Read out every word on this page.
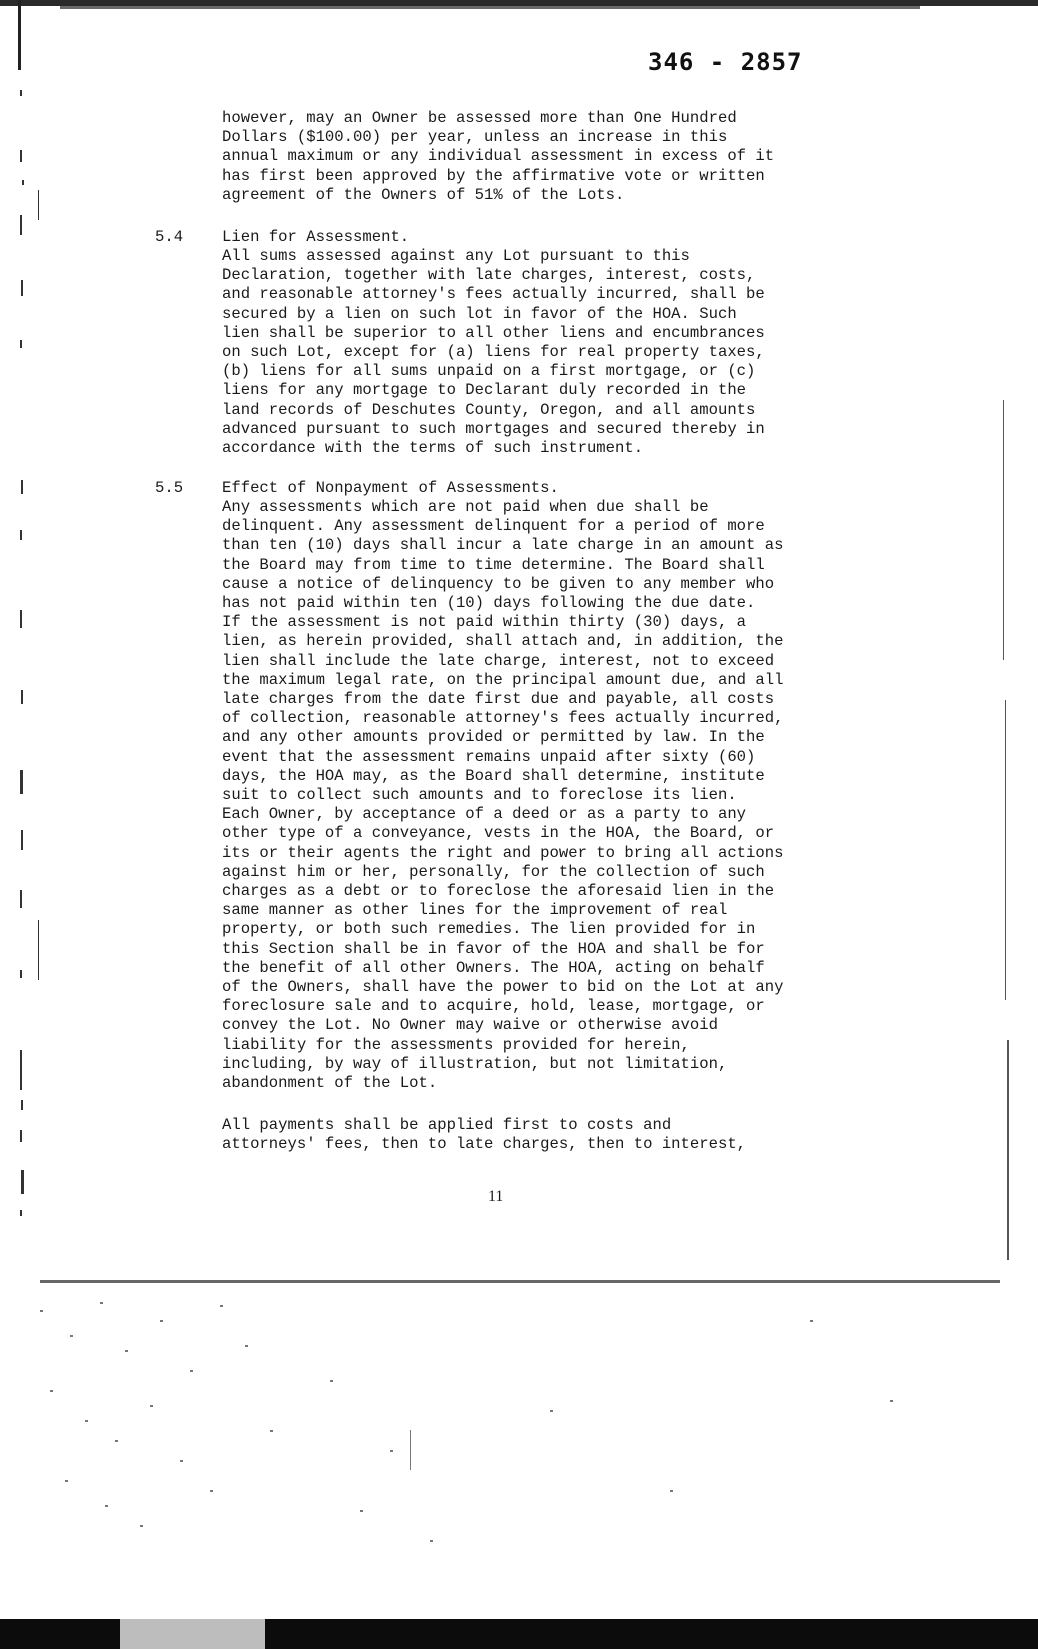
346 - 2857
however, may an Owner be assessed more than One Hundred
Dollars ($100.00) per year, unless an increase in this
annual maximum or any individual assessment in excess of it
has first been approved by the affirmative vote or written
agreement of the Owners of 51% of the Lots.
5.4 Lien for Assessment.
All sums assessed against any Lot pursuant to this
Declaration, together with late charges, interest, costs,
and reasonable attorney's fees actually incurred, shall be
secured by a lien on such lot in favor of the HOA. Such
lien shall be superior to all other liens and encumbrances
on such Lot, except for (a) liens for real property taxes,
(b) liens for all sums unpaid on a first mortgage, or (c)
liens for any mortgage to Declarant duly recorded in the
land records of Deschutes County, Oregon, and all amounts
advanced pursuant to such mortgages and secured thereby in
accordance with the terms of such instrument.
5.5 Effect of Nonpayment of Assessments.
Any assessments which are not paid when due shall be
delinquent. Any assessment delinquent for a period of more
than ten (10) days shall incur a late charge in an amount as
the Board may from time to time determine. The Board shall
cause a notice of delinquency to be given to any member who
has not paid within ten (10) days following the due date.
If the assessment is not paid within thirty (30) days, a
lien, as herein provided, shall attach and, in addition, the
lien shall include the late charge, interest, not to exceed
the maximum legal rate, on the principal amount due, and all
late charges from the date first due and payable, all costs
of collection, reasonable attorney's fees actually incurred,
and any other amounts provided or permitted by law. In the
event that the assessment remains unpaid after sixty (60)
days, the HOA may, as the Board shall determine, institute
suit to collect such amounts and to foreclose its lien.
Each Owner, by acceptance of a deed or as a party to any
other type of a conveyance, vests in the HOA, the Board, or
its or their agents the right and power to bring all actions
against him or her, personally, for the collection of such
charges as a debt or to foreclose the aforesaid lien in the
same manner as other lines for the improvement of real
property, or both such remedies. The lien provided for in
this Section shall be in favor of the HOA and shall be for
the benefit of all other Owners. The HOA, acting on behalf
of the Owners, shall have the power to bid on the Lot at any
foreclosure sale and to acquire, hold, lease, mortgage, or
convey the Lot. No Owner may waive or otherwise avoid
liability for the assessments provided for herein,
including, by way of illustration, but not limitation,
abandonment of the Lot.
All payments shall be applied first to costs and
attorneys' fees, then to late charges, then to interest,
11
